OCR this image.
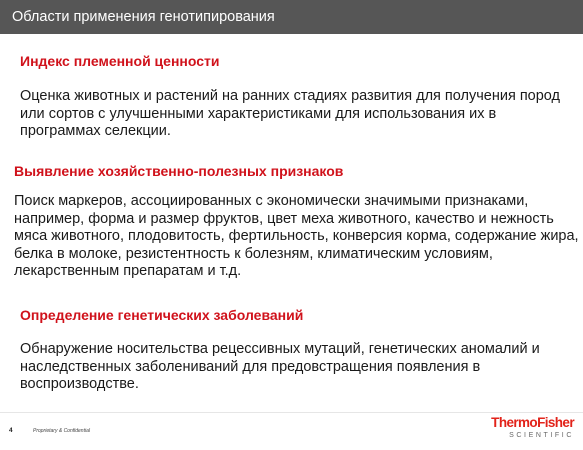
Области применения генотипирования
Индекс племенной ценности
Оценка животных и растений на ранних стадиях развития для получения пород или сортов с улучшенными характеристиками для использования их в программах селекции.
Выявление хозяйственно-полезных признаков
Поиск маркеров, ассоциированных с экономически значимыми признаками, например, форма и размер фруктов, цвет меха животного, качество и нежность мяса животного, плодовитость, фертильность, конверсия корма, содержание жира, белка в молоке, резистентность к болезням, климатическим условиям, лекарственным препаратам и т.д.
Определение генетических заболеваний
Обнаружение носительства рецессивных мутаций, генетических аномалий и наследственных заболениваний для предовстращения появления в воспроизводстве.
4	Proprietary & Confidential
ThermoFisher
SCIENTIFIC
